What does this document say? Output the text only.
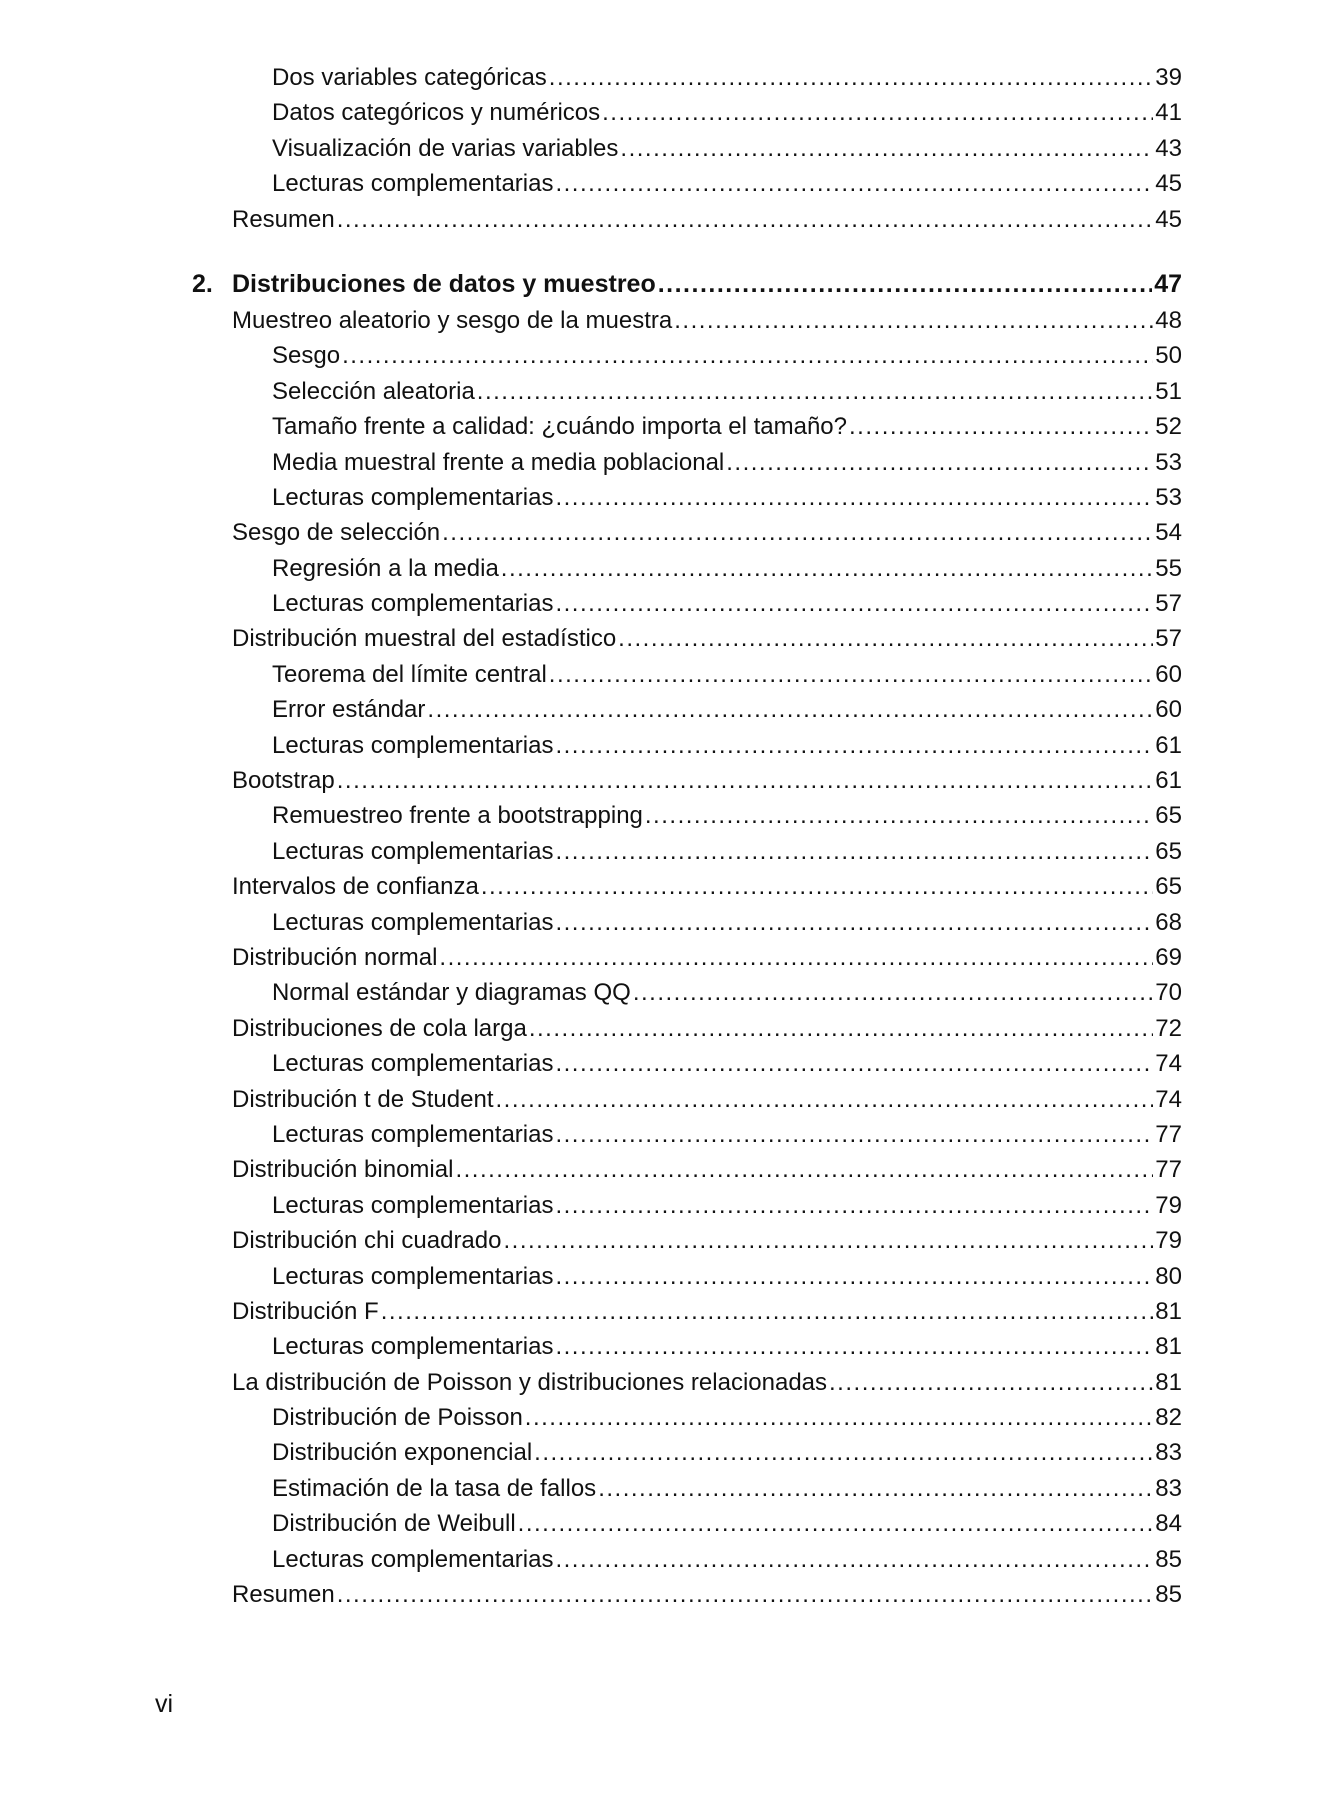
Dos variables categóricas .....	39
Datos categóricos y numéricos .....	41
Visualización de varias variables .....	43
Lecturas complementarias .....	45
Resumen .....	45
2. Distribuciones de datos y muestreo .....	47
Muestreo aleatorio y sesgo de la muestra .....	48
Sesgo .....	50
Selección aleatoria .....	51
Tamaño frente a calidad: ¿cuándo importa el tamaño? .....	52
Media muestral frente a media poblacional .....	53
Lecturas complementarias .....	53
Sesgo de selección .....	54
Regresión a la media .....	55
Lecturas complementarias .....	57
Distribución muestral del estadístico .....	57
Teorema del límite central .....	60
Error estándar .....	60
Lecturas complementarias .....	61
Bootstrap .....	61
Remuestreo frente a bootstrapping .....	65
Lecturas complementarias .....	65
Intervalos de confianza .....	65
Lecturas complementarias .....	68
Distribución normal .....	69
Normal estándar y diagramas QQ .....	70
Distribuciones de cola larga .....	72
Lecturas complementarias .....	74
Distribución t de Student .....	74
Lecturas complementarias .....	77
Distribución binomial .....	77
Lecturas complementarias .....	79
Distribución chi cuadrado .....	79
Lecturas complementarias .....	80
Distribución F .....	81
Lecturas complementarias .....	81
La distribución de Poisson y distribuciones relacionadas .....	81
Distribución de Poisson .....	82
Distribución exponencial .....	83
Estimación de la tasa de fallos .....	83
Distribución de Weibull .....	84
Lecturas complementarias .....	85
Resumen .....	85
vi
